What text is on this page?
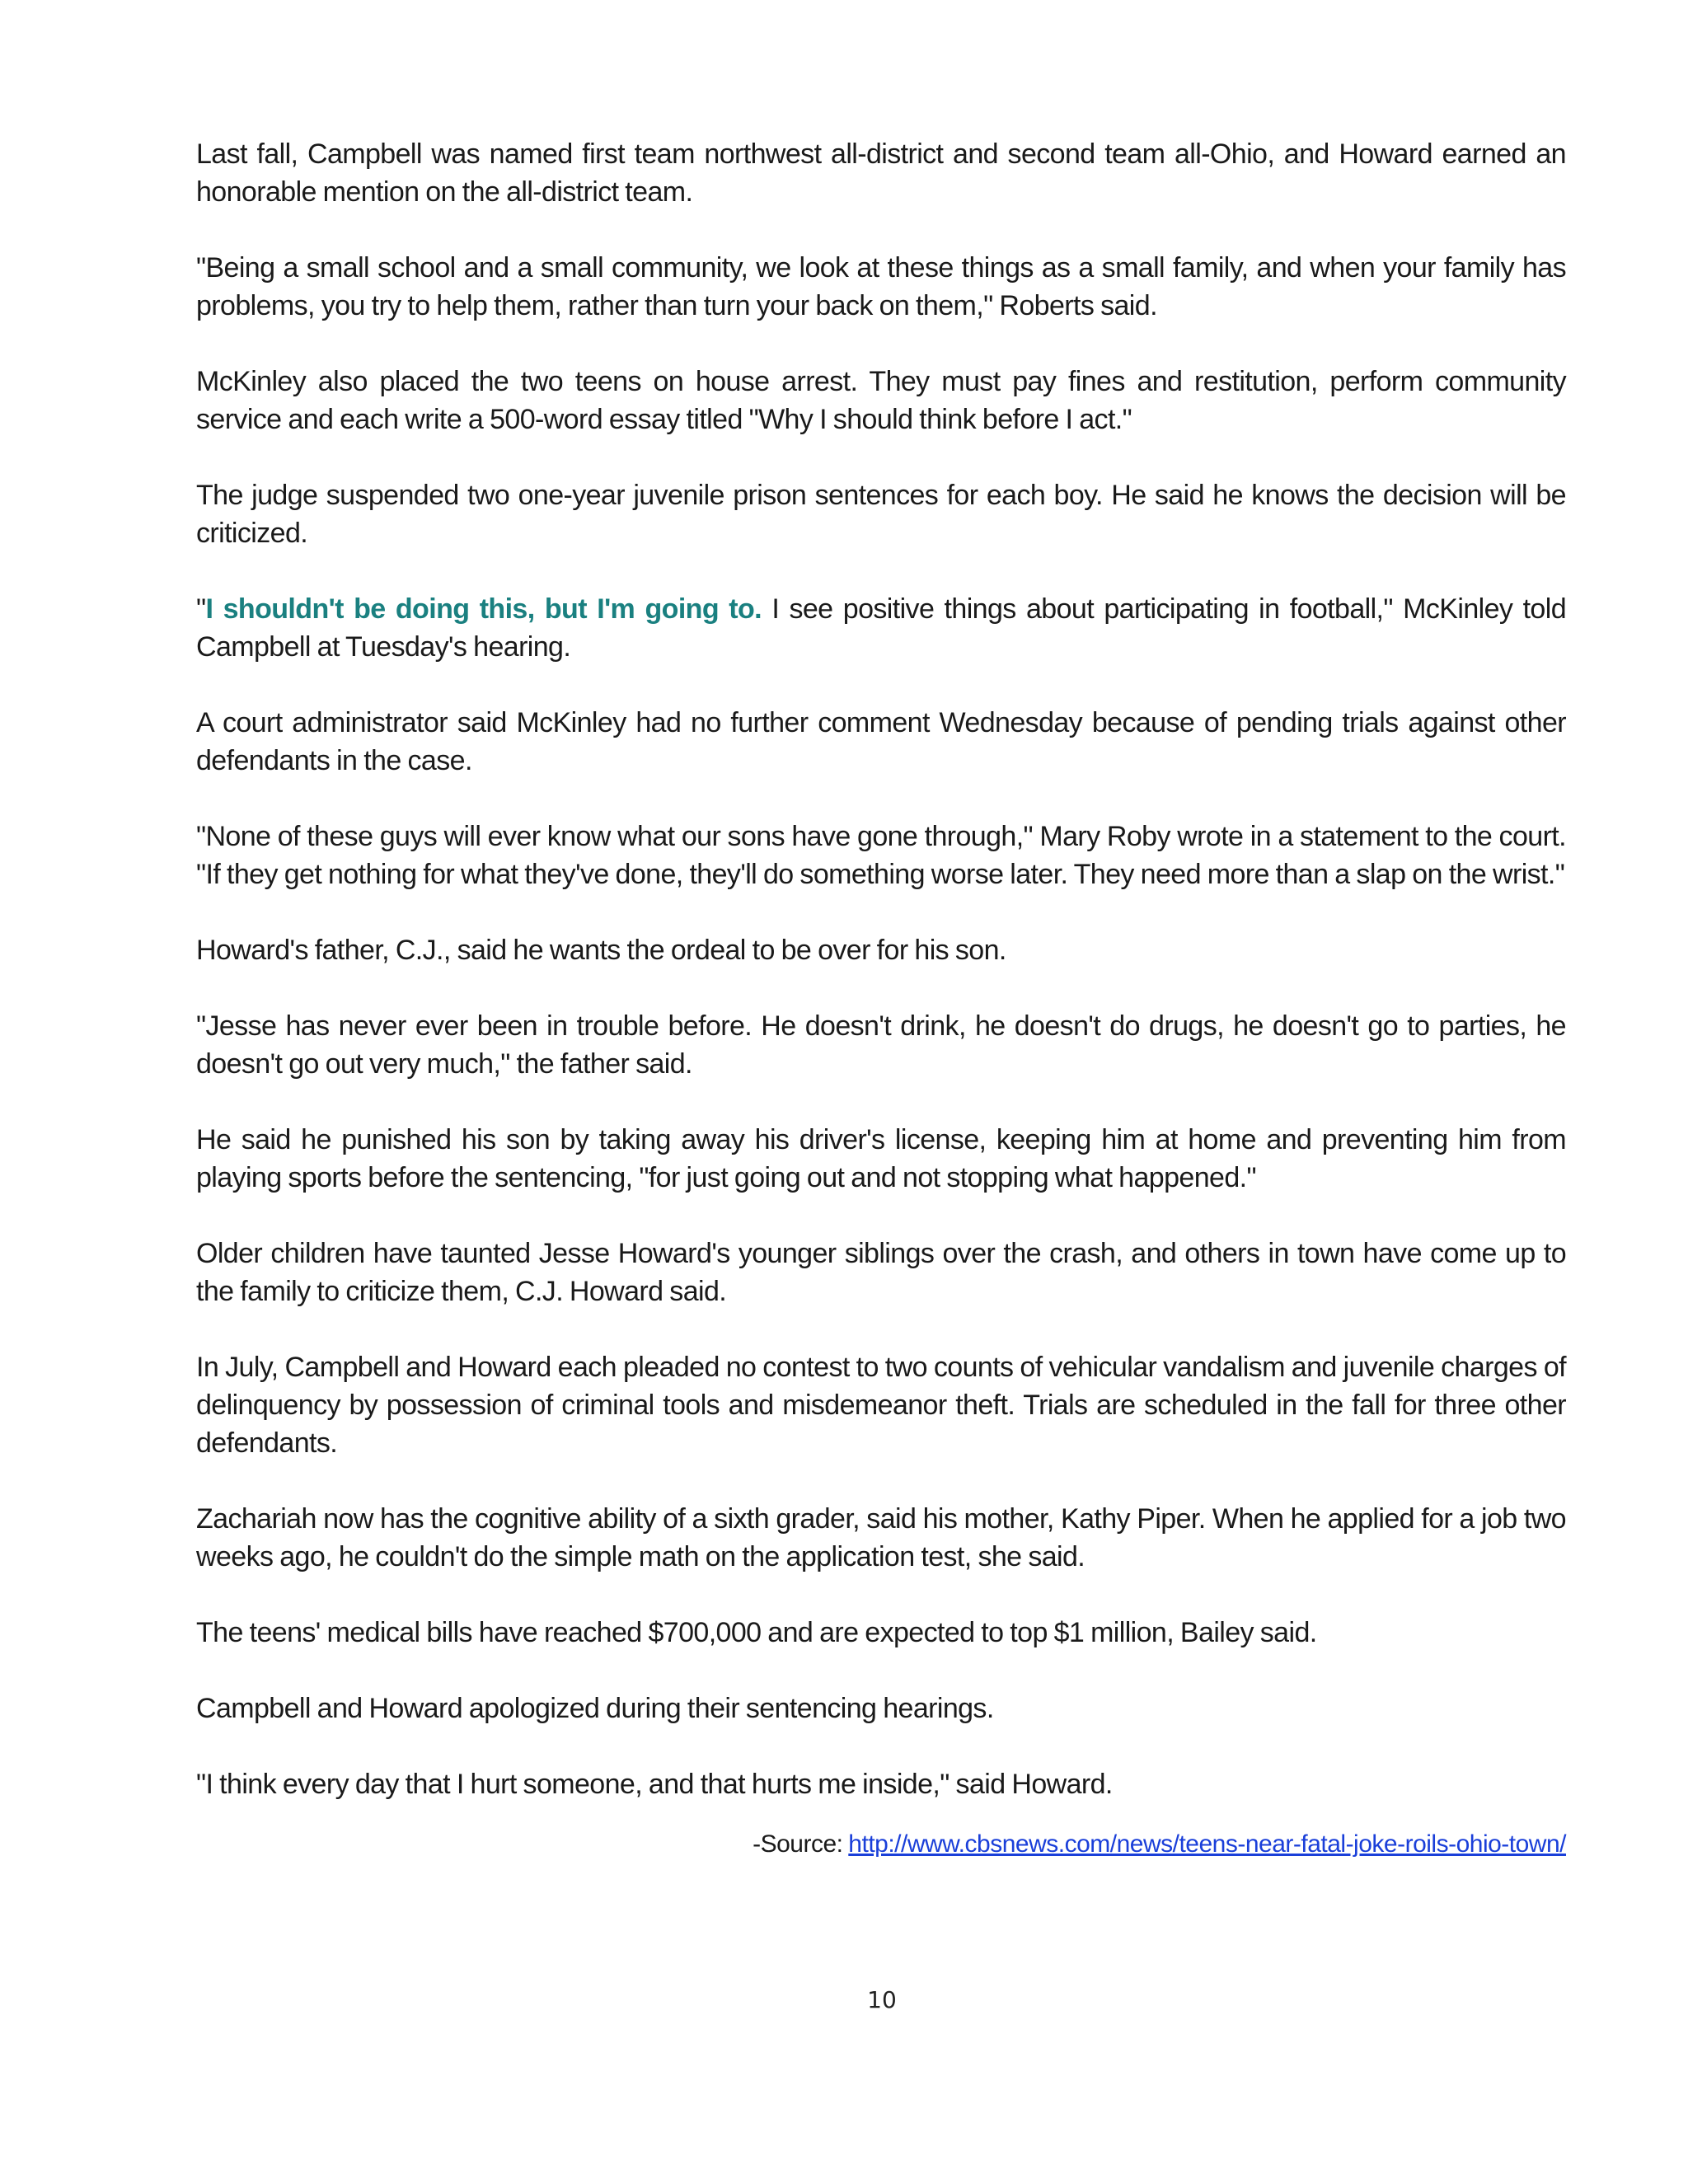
Last fall, Campbell was named first team northwest all-district and second team all-Ohio, and Howard earned an honorable mention on the all-district team.

"Being a small school and a small community, we look at these things as a small family, and when your family has problems, you try to help them, rather than turn your back on them," Roberts said.

McKinley also placed the two teens on house arrest. They must pay fines and restitution, perform community service and each write a 500-word essay titled "Why I should think before I act."

The judge suspended two one-year juvenile prison sentences for each boy. He said he knows the decision will be criticized.

"I shouldn't be doing this, but I'm going to. I see positive things about participating in football," McKinley told Campbell at Tuesday's hearing.

A court administrator said McKinley had no further comment Wednesday because of pending trials against other defendants in the case.

"None of these guys will ever know what our sons have gone through," Mary Roby wrote in a statement to the court. "If they get nothing for what they've done, they'll do something worse later. They need more than a slap on the wrist."

Howard's father, C.J., said he wants the ordeal to be over for his son.

"Jesse has never ever been in trouble before. He doesn't drink, he doesn't do drugs, he doesn't go to parties, he doesn't go out very much," the father said.

He said he punished his son by taking away his driver's license, keeping him at home and preventing him from playing sports before the sentencing, "for just going out and not stopping what happened."

Older children have taunted Jesse Howard's younger siblings over the crash, and others in town have come up to the family to criticize them, C.J. Howard said.

In July, Campbell and Howard each pleaded no contest to two counts of vehicular vandalism and juvenile charges of delinquency by possession of criminal tools and misdemeanor theft. Trials are scheduled in the fall for three other defendants.

Zachariah now has the cognitive ability of a sixth grader, said his mother, Kathy Piper. When he applied for a job two weeks ago, he couldn't do the simple math on the application test, she said.

The teens' medical bills have reached $700,000 and are expected to top $1 million, Bailey said.

Campbell and Howard apologized during their sentencing hearings.

"I think every day that I hurt someone, and that hurts me inside," said Howard.

-Source: http://www.cbsnews.com/news/teens-near-fatal-joke-roils-ohio-town/
10
